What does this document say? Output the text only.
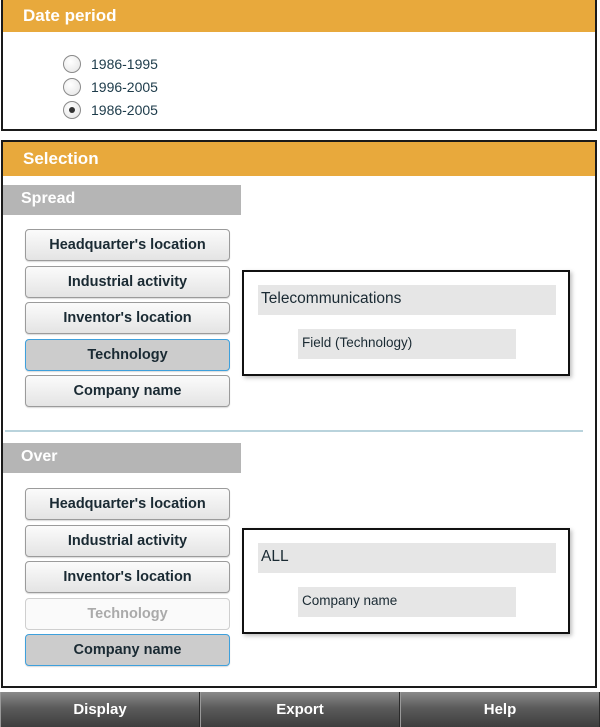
Date period
1986-1995
1996-2005
1986-2005
Selection
Spread
Headquarter's location
Industrial activity
Inventor's location
Technology
Company name
Telecommunications
Field (Technology)
Over
Headquarter's location
Industrial activity
Inventor's location
Technology
Company name
ALL
Company name
Display	Export	Help
